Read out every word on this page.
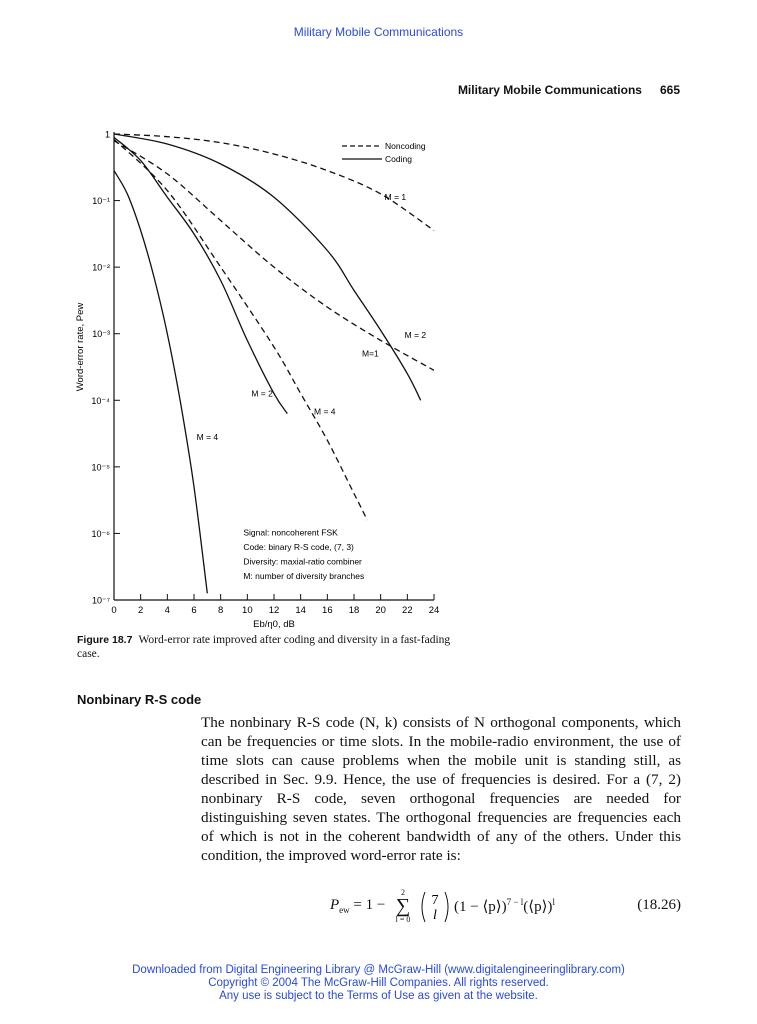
Military Mobile Communications
Military Mobile Communications 665
0 2 4 6 8 10 12 14 16 18 20 22 24
1
10⁻¹
10⁻²
10⁻³
10⁻⁴
10⁻⁵
10⁻⁶
10⁻⁷
Eb/η0, dB
Word-error rate, Pew
M = 1
M = 2
M=1
M = 2
M = 4
M = 4
Noncoding
Coding
Signal: noncoherent FSK
Code: binary R-S code, (7, 3)
Diversity: maxial-ratio combiner
M: number of diversity branches
Figure 18.7 Word-error rate improved after coding and diversity in a fast-fading case.
Nonbinary R-S code
The nonbinary R-S code (N, k) consists of N orthogonal components, which can be frequencies or time slots. In the mobile-radio environment, the use of time slots can cause problems when the mobile unit is standing still, as described in Sec. 9.9. Hence, the use of frequencies is desired. For a (7, 2) nonbinary R-S code, seven orthogonal frequencies are needed for distinguishing seven states. The orthogonal frequencies are frequencies each of which is not in the coherent bandwidth of any of the others. Under this condition, the improved word-error rate is:
$P_{ew} = 1$ −
2
∑
l = 0
7
l
(1 − ⟨p⟩)$^{7 - l}$(⟨p⟩)$^l$	(18.26)
Downloaded from Digital Engineering Library @ McGraw-Hill (www.digitalengineeringlibrary.com)
Copyright © 2004 The McGraw-Hill Companies. All rights reserved.
Any use is subject to the Terms of Use as given at the website.
